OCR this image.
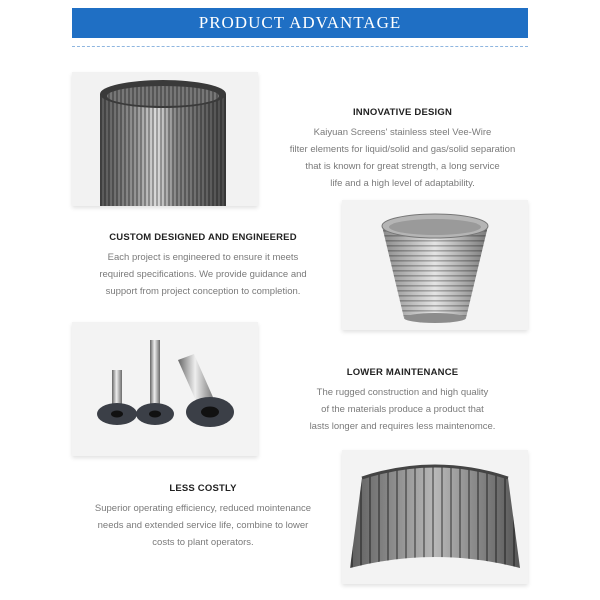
PRODUCT ADVANTAGE
INNOVATIVE DESIGN

Kaiyuan Screens' stainless steel Vee-Wire

filter elements for liquid/solid and gas/solid separation

that is known for great strength, a long service

life and a high level of adaptability.

CUSTOM DESIGNED AND ENGINEERED

Each project is engineered to ensure it meets

required specifications. We provide guidance and

support from project conception to completion.

LOWER MAINTENANCE

The rugged construction and high quality

of the materials produce a product that

lasts longer and requires less maintenomce.

LESS COSTLY

Superior operating efficiency, reduced mointenance

needs and extended service life, combine to lower

costs to plant operators.
